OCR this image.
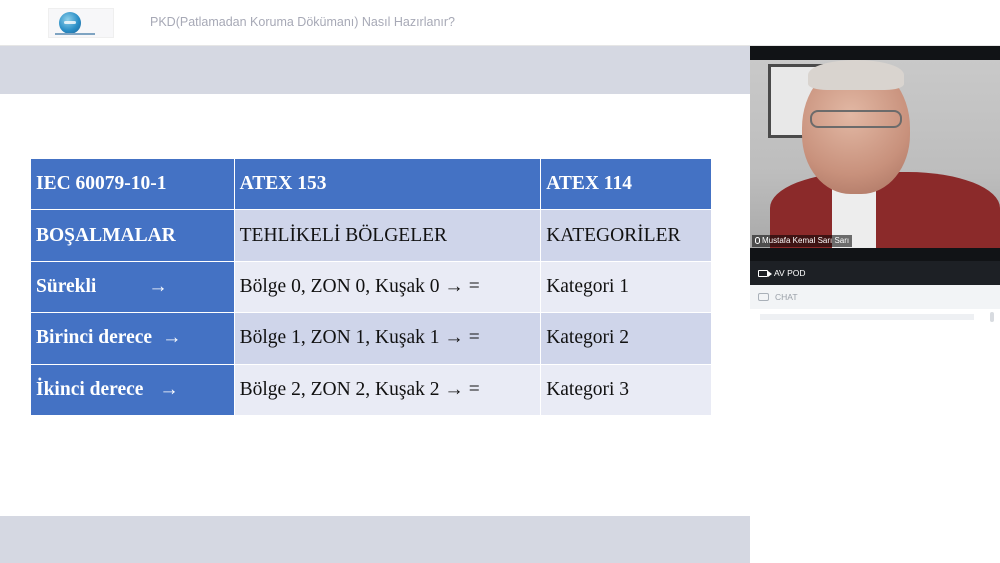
PKD(Patlamadan Koruma Dökümanı) Nasıl Hazırlanır?
IEC 60079-10-1	ATEX 153	ATEX 114
BOŞALMALAR	TEHLİKELİ BÖLGELER	KATEGORİLER
Sürekli →	Bölge 0, ZON 0, Kuşak 0 → =	Kategori 1
Birinci derece →	Bölge 1, ZON 1, Kuşak 1 → =	Kategori 2
İkinci derece →	Bölge 2, ZON 2, Kuşak 2 → =	Kategori 3
Mustafa Kemal Sarı Sarı
AV POD
CHAT
